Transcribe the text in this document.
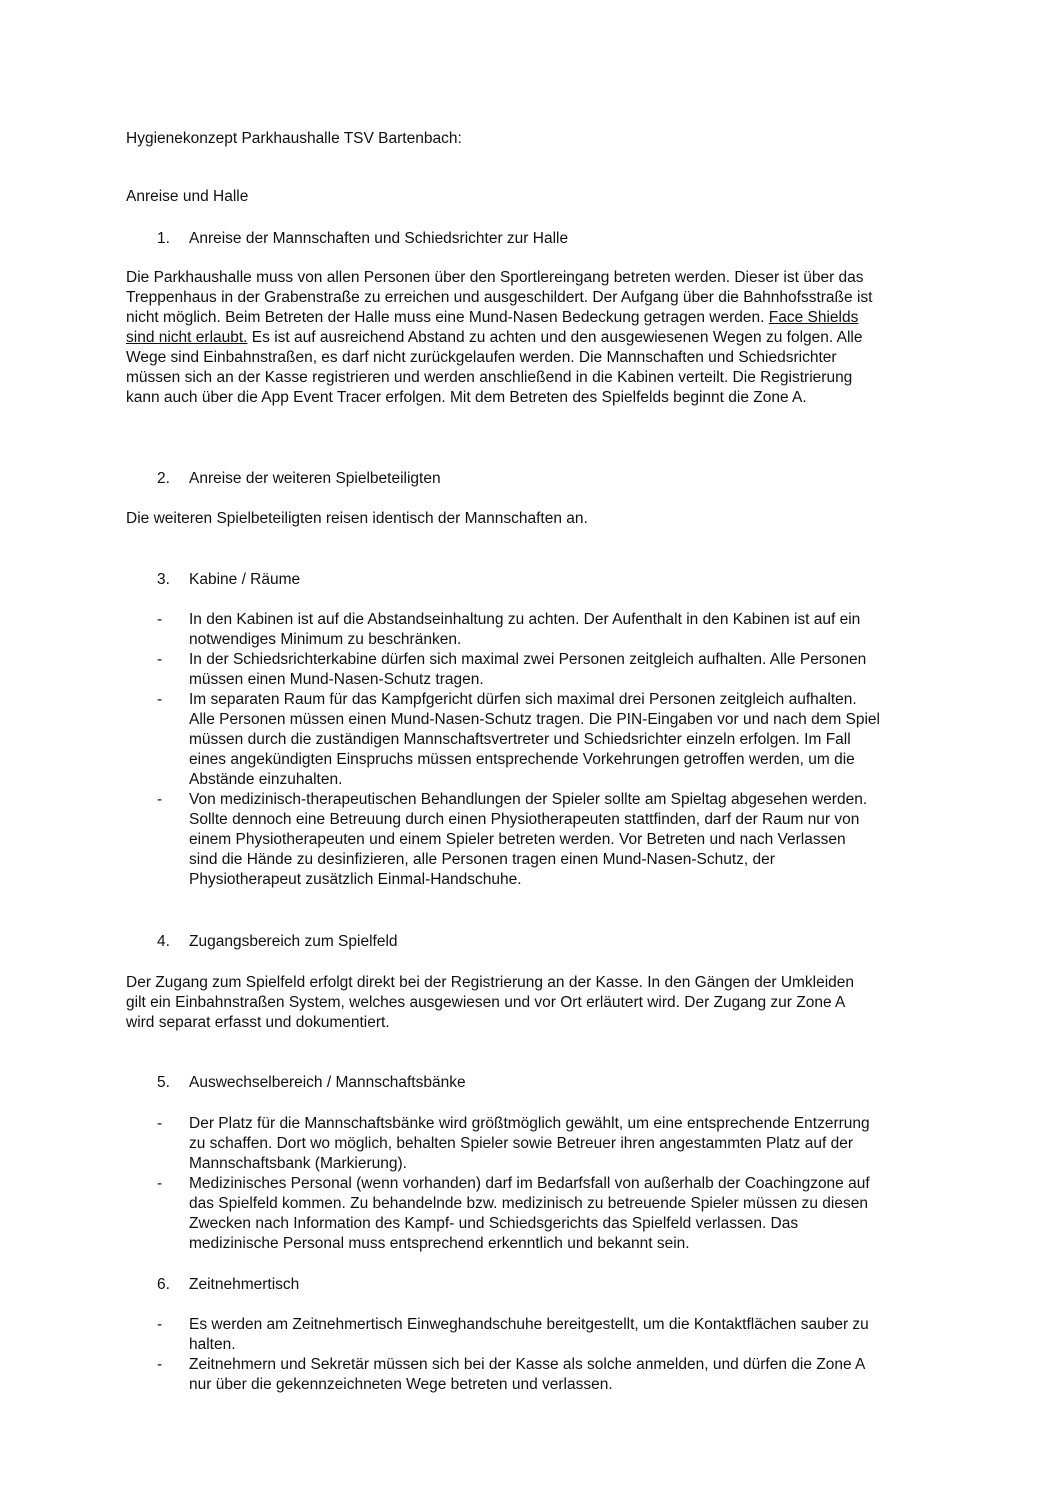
Hygienekonzept Parkhaushalle TSV Bartenbach:

Anreise und Halle

1. Anreise der Mannschaften und Schiedsrichter zur Halle
Die Parkhaushalle muss von allen Personen über den Sportlereingang betreten werden. Dieser ist über das
Treppenhaus in der Grabenstraße zu erreichen und ausgeschildert. Der Aufgang über die Bahnhofsstraße ist
nicht möglich. Beim Betreten der Halle muss eine Mund-Nasen Bedeckung getragen werden. Face Shields
sind nicht erlaubt. Es ist auf ausreichend Abstand zu achten und den ausgewiesenen Wegen zu folgen. Alle
Wege sind Einbahnstraßen, es darf nicht zurückgelaufen werden. Die Mannschaften und Schiedsrichter
müssen sich an der Kasse registrieren und werden anschließend in die Kabinen verteilt. Die Registrierung
kann auch über die App Event Tracer erfolgen. Mit dem Betreten des Spielfelds beginnt die Zone A.
2. Anreise der weiteren Spielbeteiligten
Die weiteren Spielbeteiligten reisen identisch der Mannschaften an.
3. Kabine / Räume
- In den Kabinen ist auf die Abstandseinhaltung zu achten. Der Aufenthalt in den Kabinen ist auf ein
notwendiges Minimum zu beschränken.
- In der Schiedsrichterkabine dürfen sich maximal zwei Personen zeitgleich aufhalten. Alle Personen
müssen einen Mund-Nasen-Schutz tragen.
- Im separaten Raum für das Kampfgericht dürfen sich maximal drei Personen zeitgleich aufhalten.
Alle Personen müssen einen Mund-Nasen-Schutz tragen. Die PIN-Eingaben vor und nach dem Spiel
müssen durch die zuständigen Mannschaftsvertreter und Schiedsrichter einzeln erfolgen. Im Fall
eines angekündigten Einspruchs müssen entsprechende Vorkehrungen getroffen werden, um die
Abstände einzuhalten.
- Von medizinisch-therapeutischen Behandlungen der Spieler sollte am Spieltag abgesehen werden.
Sollte dennoch eine Betreuung durch einen Physiotherapeuten stattfinden, darf der Raum nur von
einem Physiotherapeuten und einem Spieler betreten werden. Vor Betreten und nach Verlassen
sind die Hände zu desinfizieren, alle Personen tragen einen Mund-Nasen-Schutz, der
Physiotherapeut zusätzlich Einmal-Handschuhe.
4. Zugangsbereich zum Spielfeld
Der Zugang zum Spielfeld erfolgt direkt bei der Registrierung an der Kasse. In den Gängen der Umkleiden
gilt ein Einbahnstraßen System, welches ausgewiesen und vor Ort erläutert wird. Der Zugang zur Zone A
wird separat erfasst und dokumentiert.
5. Auswechselbereich / Mannschaftsbänke
- Der Platz für die Mannschaftsbänke wird größtmöglich gewählt, um eine entsprechende Entzerrung
zu schaffen. Dort wo möglich, behalten Spieler sowie Betreuer ihren angestammten Platz auf der
Mannschaftsbank (Markierung).
- Medizinisches Personal (wenn vorhanden) darf im Bedarfsfall von außerhalb der Coachingzone auf
das Spielfeld kommen. Zu behandelnde bzw. medizinisch zu betreuende Spieler müssen zu diesen
Zwecken nach Information des Kampf- und Schiedsgerichts das Spielfeld verlassen. Das
medizinische Personal muss entsprechend erkenntlich und bekannt sein.
6. Zeitnehmertisch
- Es werden am Zeitnehmertisch Einweghandschuhe bereitgestellt, um die Kontaktflächen sauber zu
halten.
- Zeitnehmern und Sekretär müssen sich bei der Kasse als solche anmelden, und dürfen die Zone A
nur über die gekennzeichneten Wege betreten und verlassen.
